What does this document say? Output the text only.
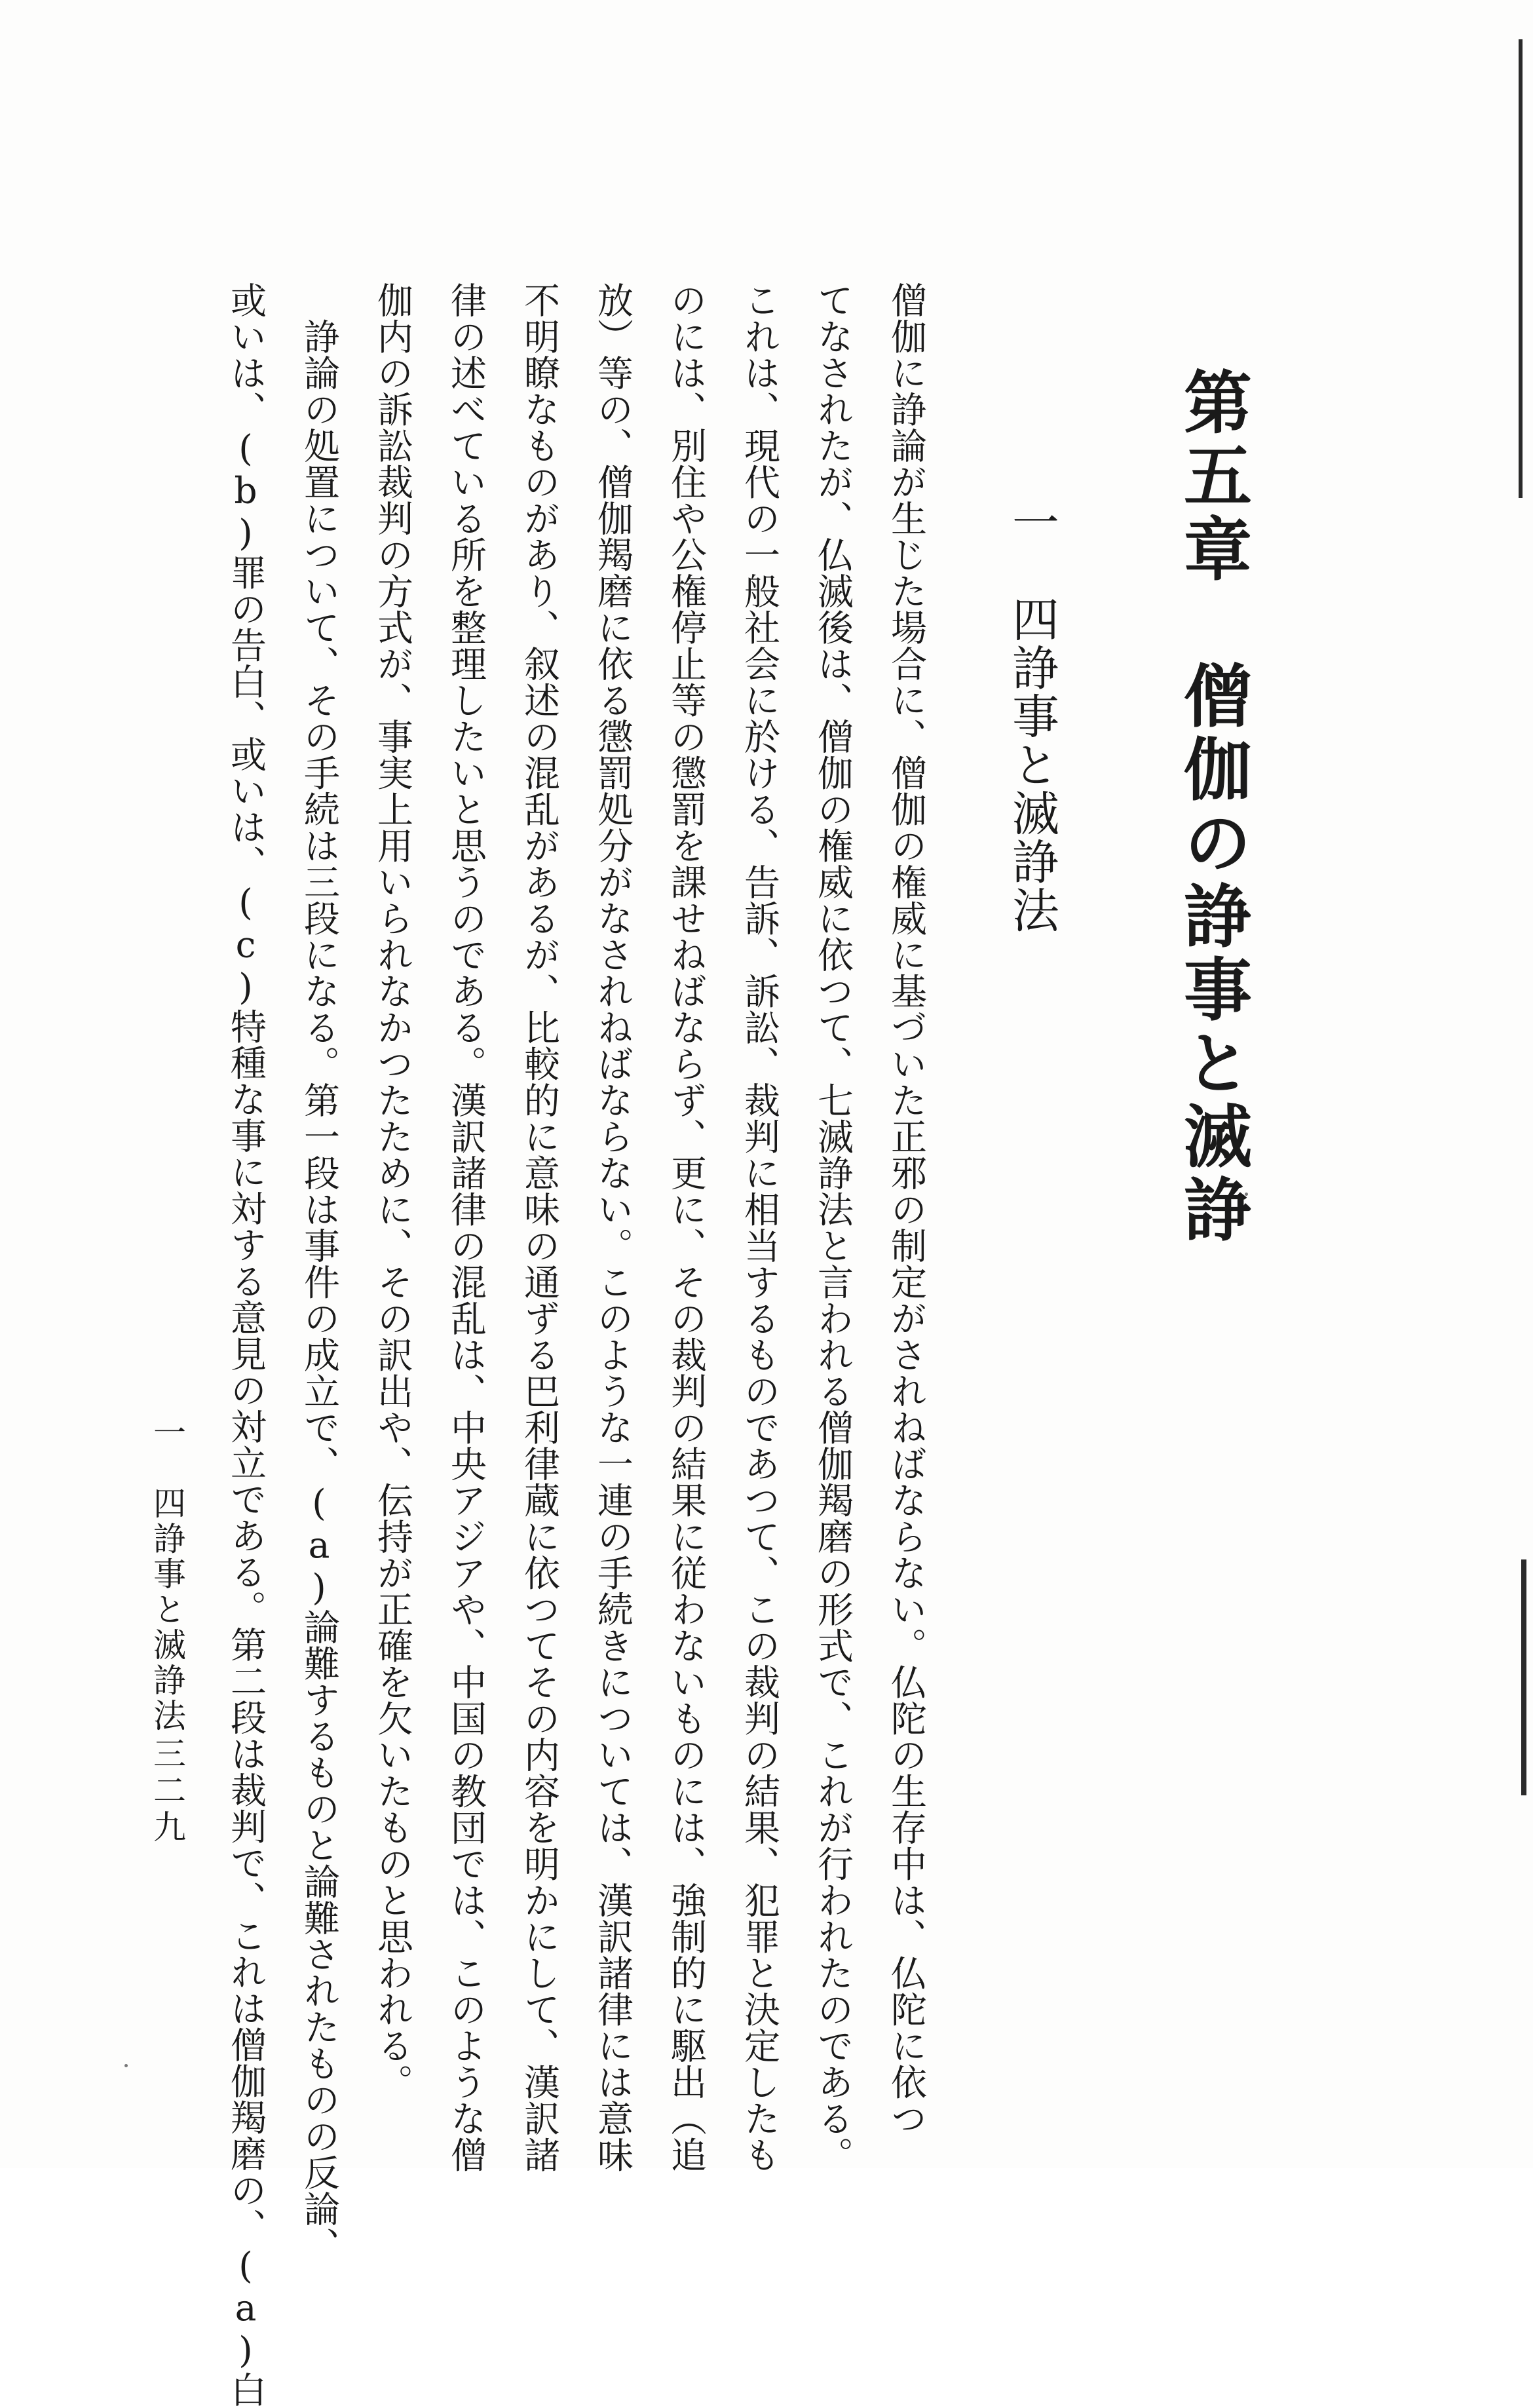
第五章　僧伽の諍事と滅諍
一　四諍事と滅諍法
僧伽に諍論が生じた場合に、僧伽の権威に基づいた正邪の制定がされねばならない。仏陀の生存中は、仏陀に依つ
てなされたが、仏滅後は、僧伽の権威に依つて、七滅諍法と言われる僧伽羯磨の形式で、これが行われたのである。
これは、現代の一般社会に於ける、告訴、訴訟、裁判に相当するものであつて、この裁判の結果、犯罪と決定したも
のには、別住や公権停止等の懲罰を課せねばならず、更に、その裁判の結果に従わないものには、強制的に駆出（追
放）等の、僧伽羯磨に依る懲罰処分がなされねばならない。このような一連の手続きについては、漢訳諸律には意味
不明瞭なものがあり、叙述の混乱があるが、比較的に意味の通ずる巴利律蔵に依つてその内容を明かにして、漢訳諸
律の述べている所を整理したいと思うのである。漢訳諸律の混乱は、中央アジアや、中国の教団では、このような僧
伽内の訴訟裁判の方式が、事実上用いられなかつたために、その訳出や、伝持が正確を欠いたものと思われる。
　諍論の処置について、その手続は三段になる。第一段は事件の成立で、(a)論難するものと論難されたものの反論、
或いは、(b)罪の告白、或いは、(c)特種な事に対する意見の対立である。第二段は裁判で、これは僧伽羯磨の、(a)白
一　四諍事と滅諍法
三二九
